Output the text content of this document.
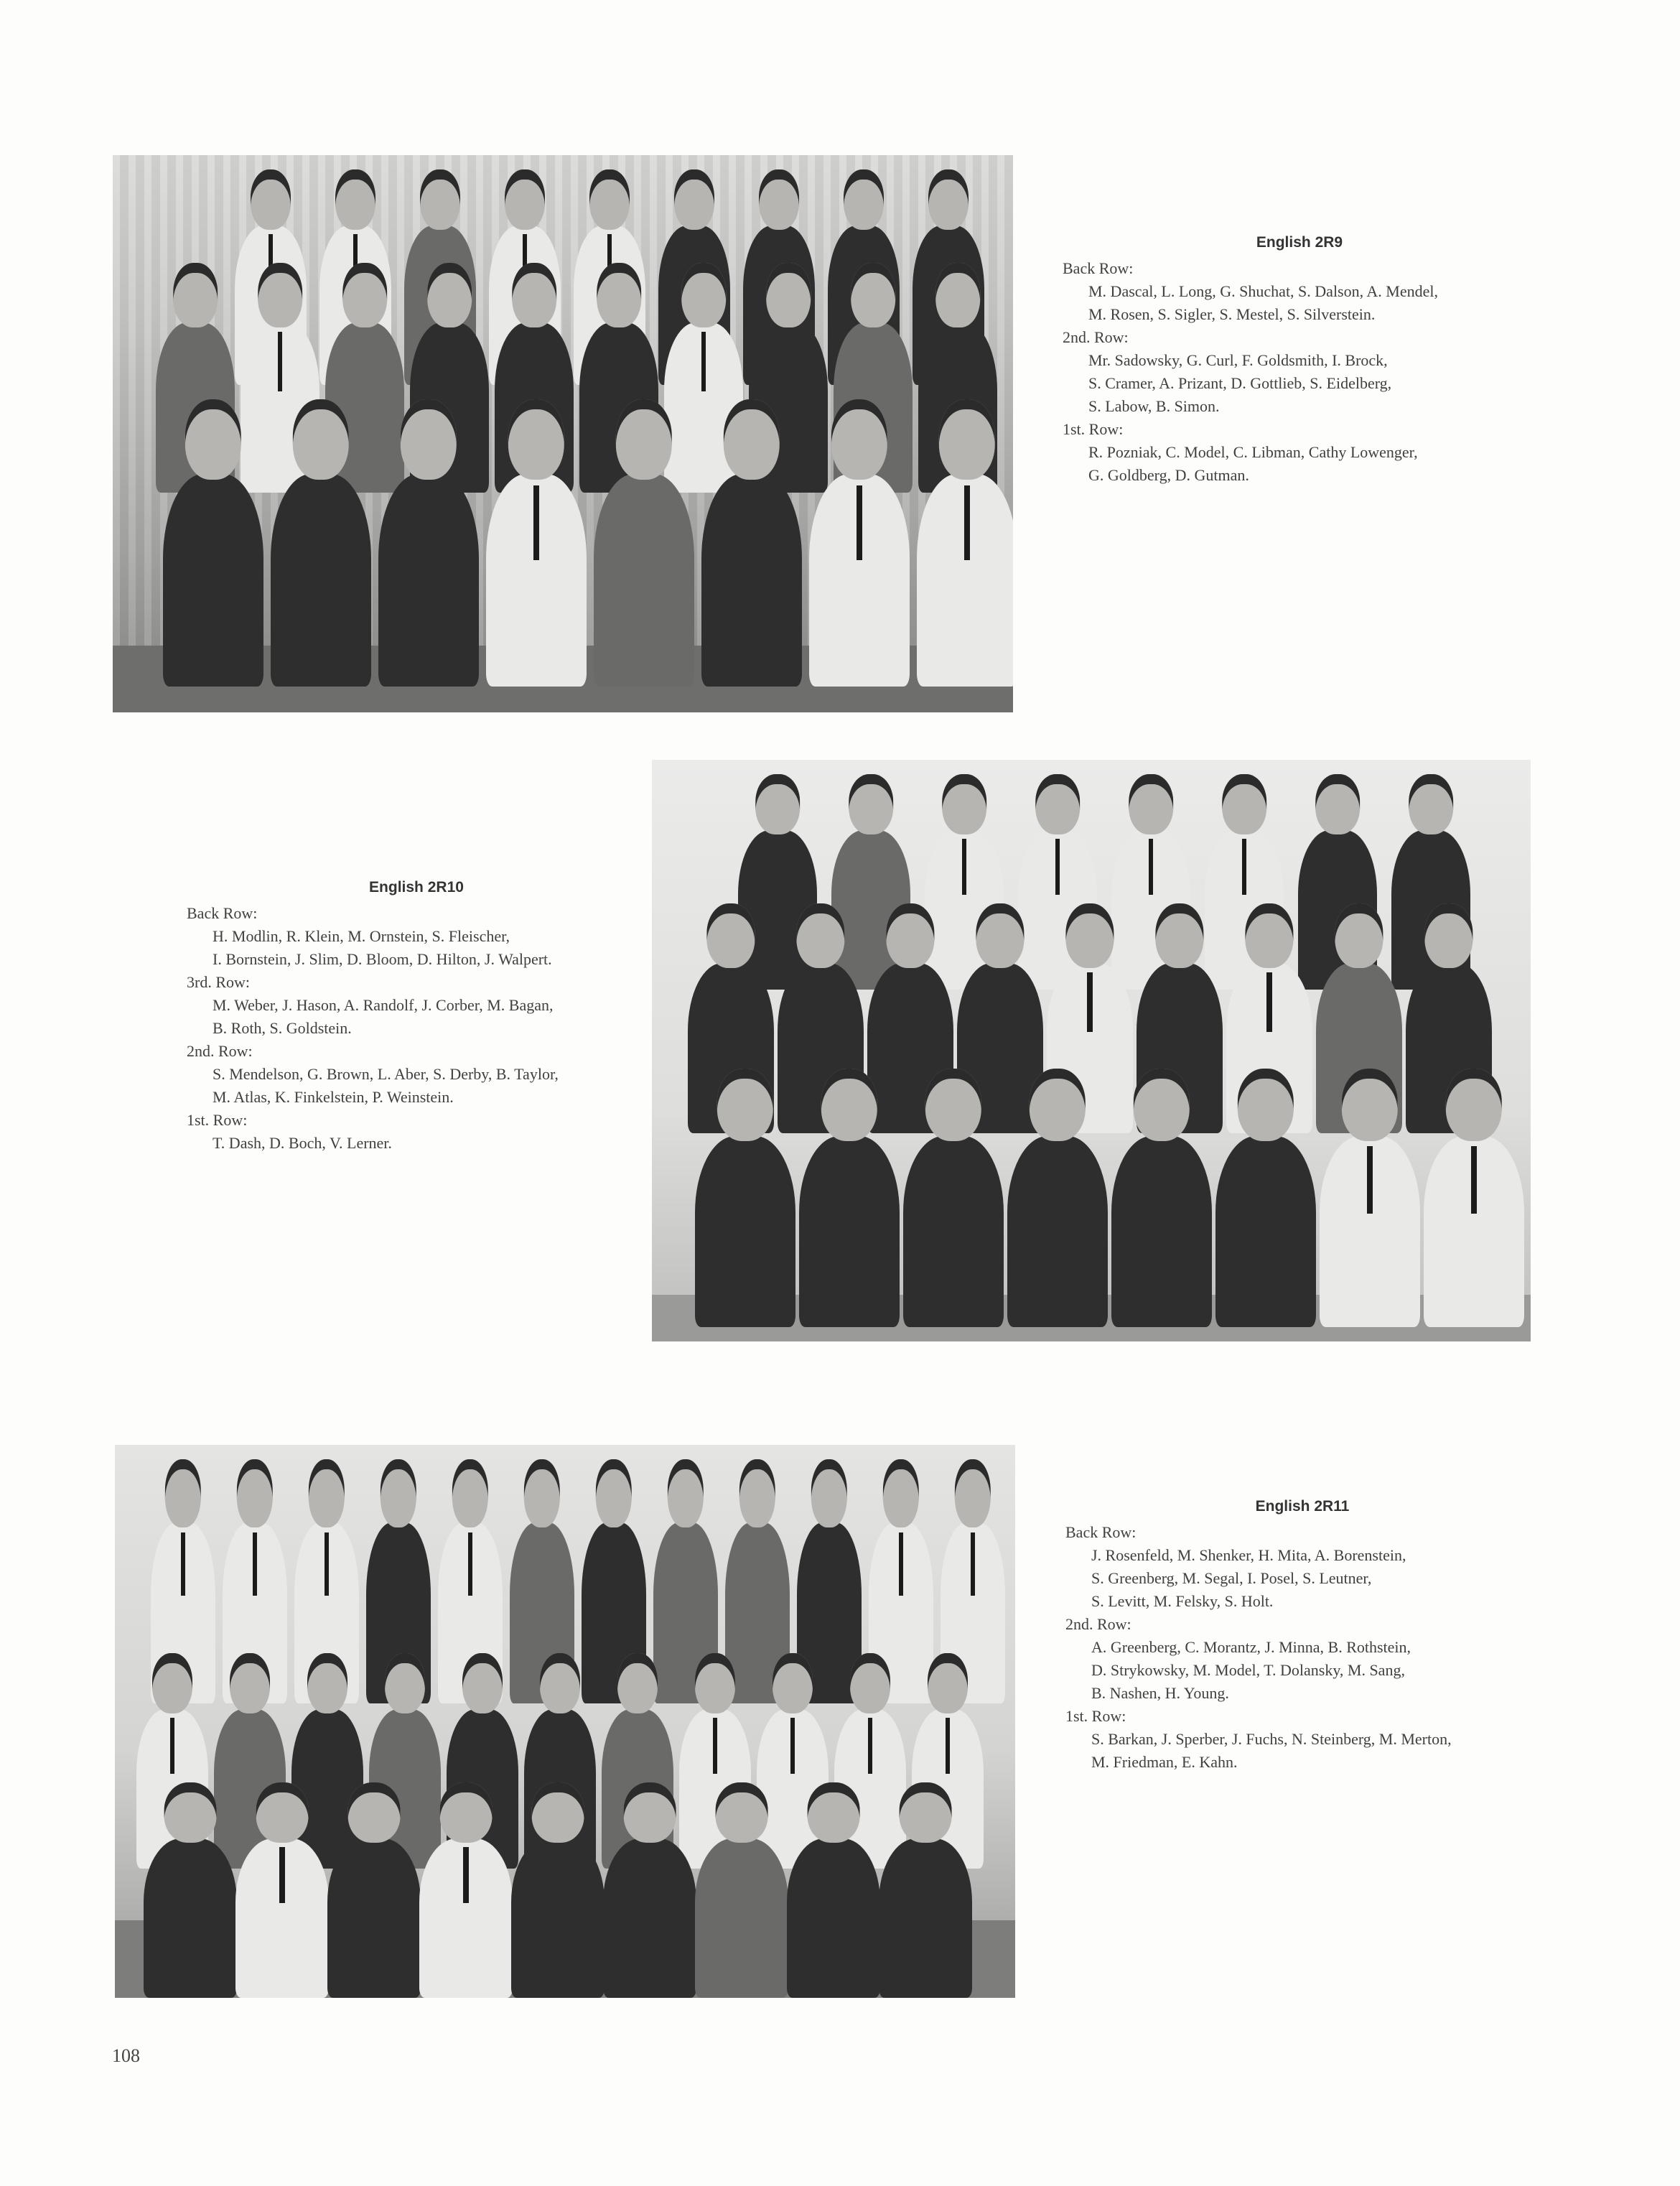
English 2R9
Back Row:
M. Dascal, L. Long, G. Shuchat, S. Dalson, A. Mendel,
M. Rosen, S. Sigler, S. Mestel, S. Silverstein.
2nd. Row:
Mr. Sadowsky, G. Curl, F. Goldsmith, I. Brock,
S. Cramer, A. Prizant, D. Gottlieb, S. Eidelberg,
S. Labow, B. Simon.
1st. Row:
R. Pozniak, C. Model, C. Libman, Cathy Lowenger,
G. Goldberg, D. Gutman.
English 2R10
Back Row:
H. Modlin, R. Klein, M. Ornstein, S. Fleischer,
I. Bornstein, J. Slim, D. Bloom, D. Hilton, J. Walpert.
3rd. Row:
M. Weber, J. Hason, A. Randolf, J. Corber, M. Bagan,
B. Roth, S. Goldstein.
2nd. Row:
S. Mendelson, G. Brown, L. Aber, S. Derby, B. Taylor,
M. Atlas, K. Finkelstein, P. Weinstein.
1st. Row:
T. Dash, D. Boch, V. Lerner.
English 2R11
Back Row:
J. Rosenfeld, M. Shenker, H. Mita, A. Borenstein,
S. Greenberg, M. Segal, I. Posel, S. Leutner,
S. Levitt, M. Felsky, S. Holt.
2nd. Row:
A. Greenberg, C. Morantz, J. Minna, B. Rothstein,
D. Strykowsky, M. Model, T. Dolansky, M. Sang,
B. Nashen, H. Young.
1st. Row:
S. Barkan, J. Sperber, J. Fuchs, N. Steinberg, M. Merton,
M. Friedman, E. Kahn.
108
